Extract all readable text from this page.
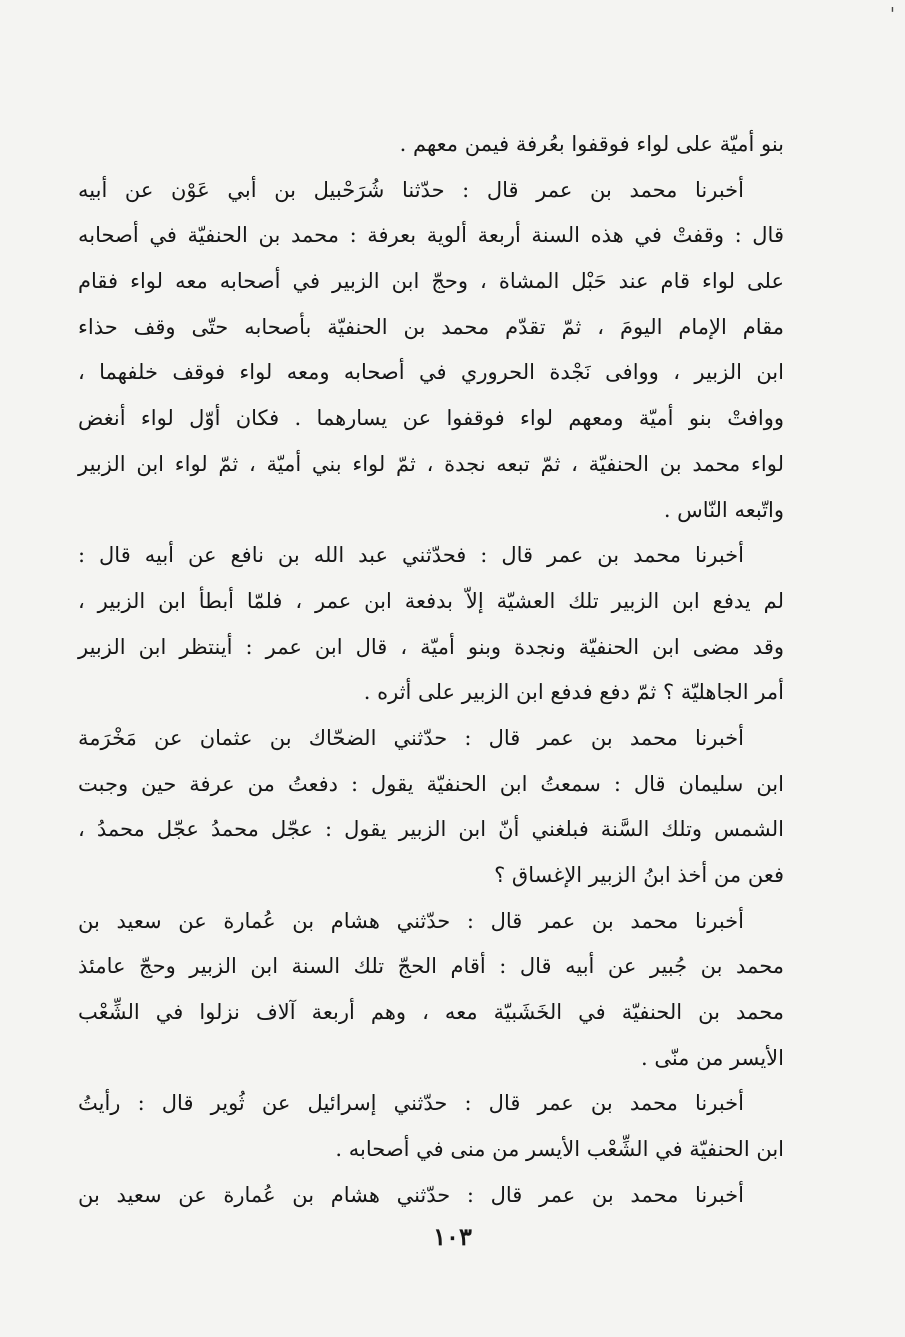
'
بنو أميّة على لواء فوقفوا بعُرفة فيمن معهم .
أخبرنا محمد بن عمر قال : حدّثنا شُرَحْبيل بن أبي عَوْن عن أبيه
قال : وقفتْ في هذه السنة أربعة ألوية بعرفة : محمد بن الحنفيّة في أصحابه
على لواء قام عند حَبْل المشاة ، وحجّ ابن الزبير في أصحابه معه لواء فقام
مقام الإمام اليومَ ، ثمّ تقدّم محمد بن الحنفيّة بأصحابه حتّى وقف حذاء
ابن الزبير ، ووافى نَجْدة الحروري في أصحابه ومعه لواء فوقف خلفهما ،
ووافتْ بنو أميّة ومعهم لواء فوقفوا عن يسارهما . فكان أوّل لواء أنغض
لواء محمد بن الحنفيّة ، ثمّ تبعه نجدة ، ثمّ لواء بني أميّة ، ثمّ لواء ابن الزبير
واتّبعه النّاس .
أخبرنا محمد بن عمر قال : فحدّثني عبد الله بن نافع عن أبيه قال :
لم يدفع ابن الزبير تلك العشيّة إلاّ بدفعة ابن عمر ، فلمّا أبطأ ابن الزبير ،
وقد مضى ابن الحنفيّة ونجدة وبنو أميّة ، قال ابن عمر : أينتظر ابن الزبير
أمر الجاهليّة ؟ ثمّ دفع فدفع ابن الزبير على أثره .
أخبرنا محمد بن عمر قال : حدّثني الضحّاك بن عثمان عن مَخْرَمة
ابن سليمان قال : سمعتُ ابن الحنفيّة يقول : دفعتُ من عرفة حين وجبت
الشمس وتلك السَّنة فبلغني أنّ ابن الزبير يقول : عجّل محمدُ عجّل محمدُ ،
فعن من أخذ ابنُ الزبير الإغساق ؟
أخبرنا محمد بن عمر قال : حدّثني هشام بن عُمارة عن سعيد بن
محمد بن جُبير عن أبيه قال : أقام الحجّ تلك السنة ابن الزبير وحجّ عامئذ
محمد بن الحنفيّة في الخَشَبيّة معه ، وهم أربعة آلاف نزلوا في الشِّعْب
الأيسر من منّى .
أخبرنا محمد بن عمر قال : حدّثني إسرائيل عن ثُوير قال : رأيتُ
ابن الحنفيّة في الشِّعْب الأيسر من منى في أصحابه .
أخبرنا محمد بن عمر قال : حدّثني هشام بن عُمارة عن سعيد بن
١٠٣
